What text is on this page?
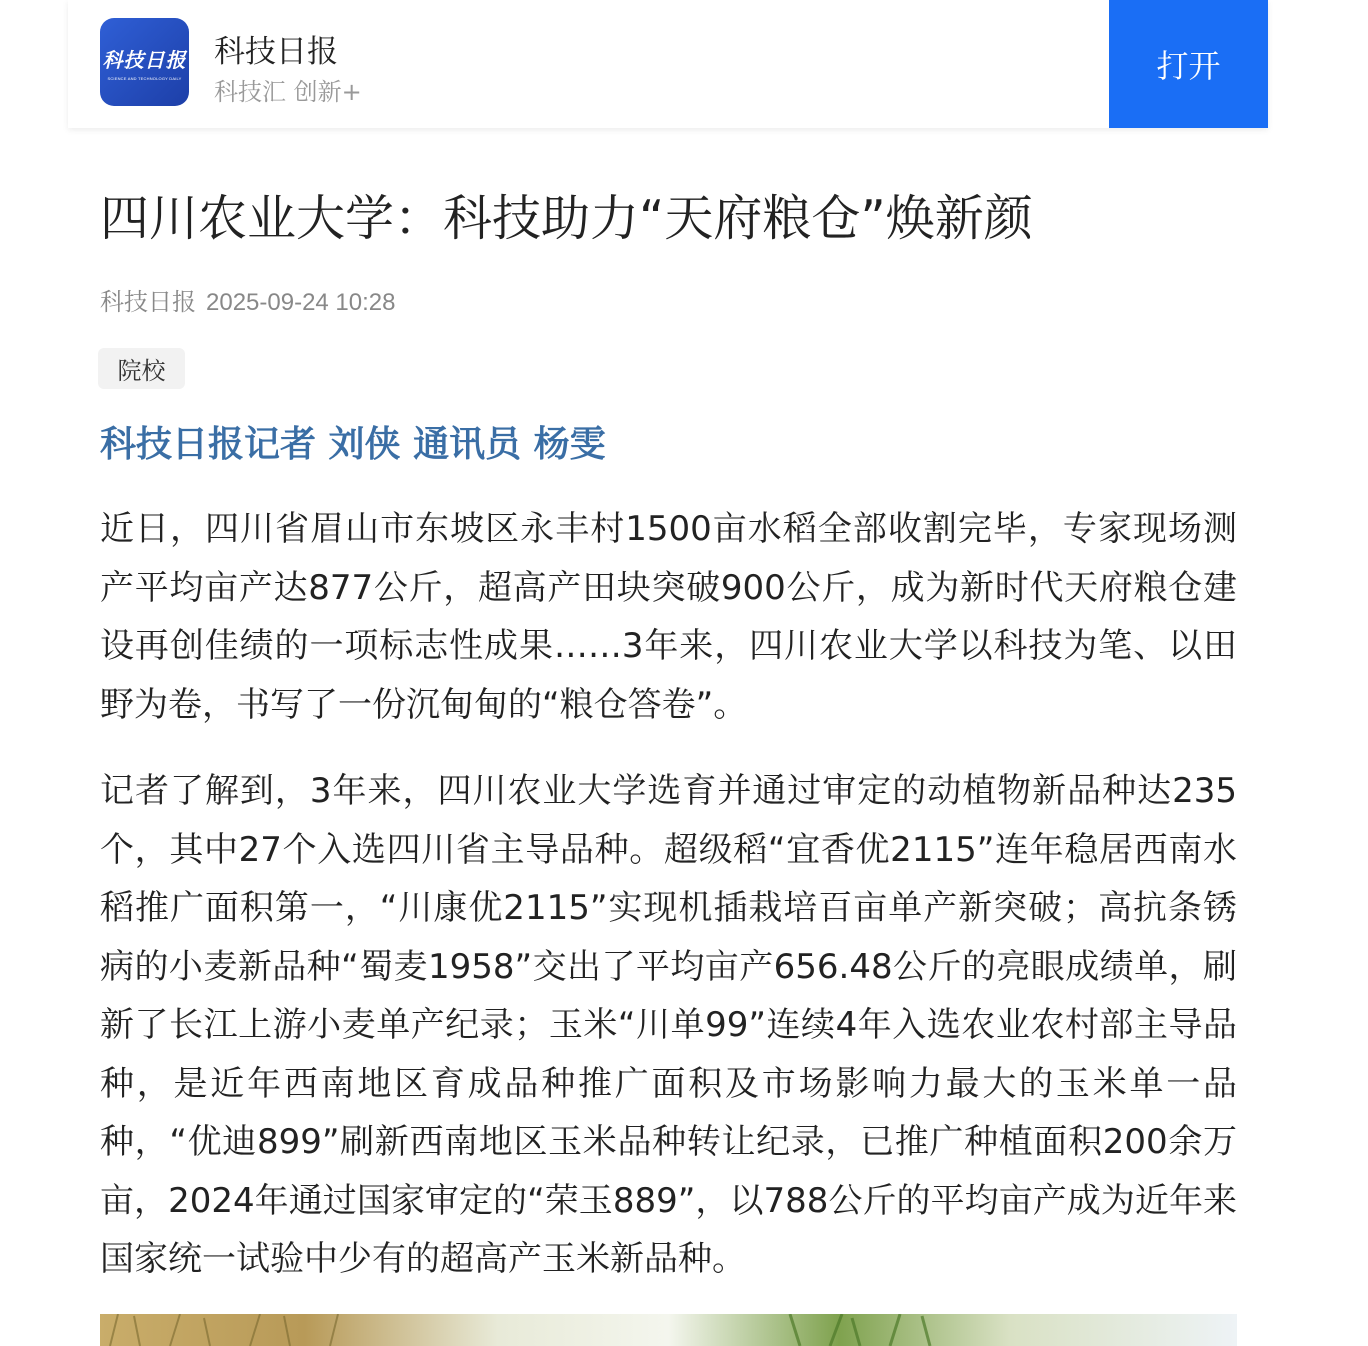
科技日报
SCIENCE AND TECHNOLOGY DAILY
科技日报
科技汇 创新+
打开
四川农业大学：科技助力“天府粮仓”焕新颜
科技日报 2025-09-24 10:28
院校
科技日报记者 刘侠 通讯员 杨雯

近日，四川省眉山市东坡区永丰村1500亩水稻全部收割完毕，专家现场测产平均亩产达877公斤，超高产田块突破900公斤，成为新时代天府粮仓建设再创佳绩的一项标志性成果……3年来，四川农业大学以科技为笔、以田野为卷，书写了一份沉甸甸的“粮仓答卷”。

记者了解到，3年来，四川农业大学选育并通过审定的动植物新品种达235个，其中27个入选四川省主导品种。超级稻“宜香优2115”连年稳居西南水稻推广面积第一，“川康优2115”实现机插栽培百亩单产新突破；高抗条锈病的小麦新品种“蜀麦1958”交出了平均亩产656.48公斤的亮眼成绩单，刷新了长江上游小麦单产纪录；玉米“川单99”连续4年入选农业农村部主导品种，是近年西南地区育成品种推广面积及市场影响力最大的玉米单一品种，“优迪899”刷新西南地区玉米品种转让纪录，已推广种植面积200余万亩，2024年通过国家审定的“荣玉889”，以788公斤的平均亩产成为近年来国家统一试验中少有的超高产玉米新品种。
